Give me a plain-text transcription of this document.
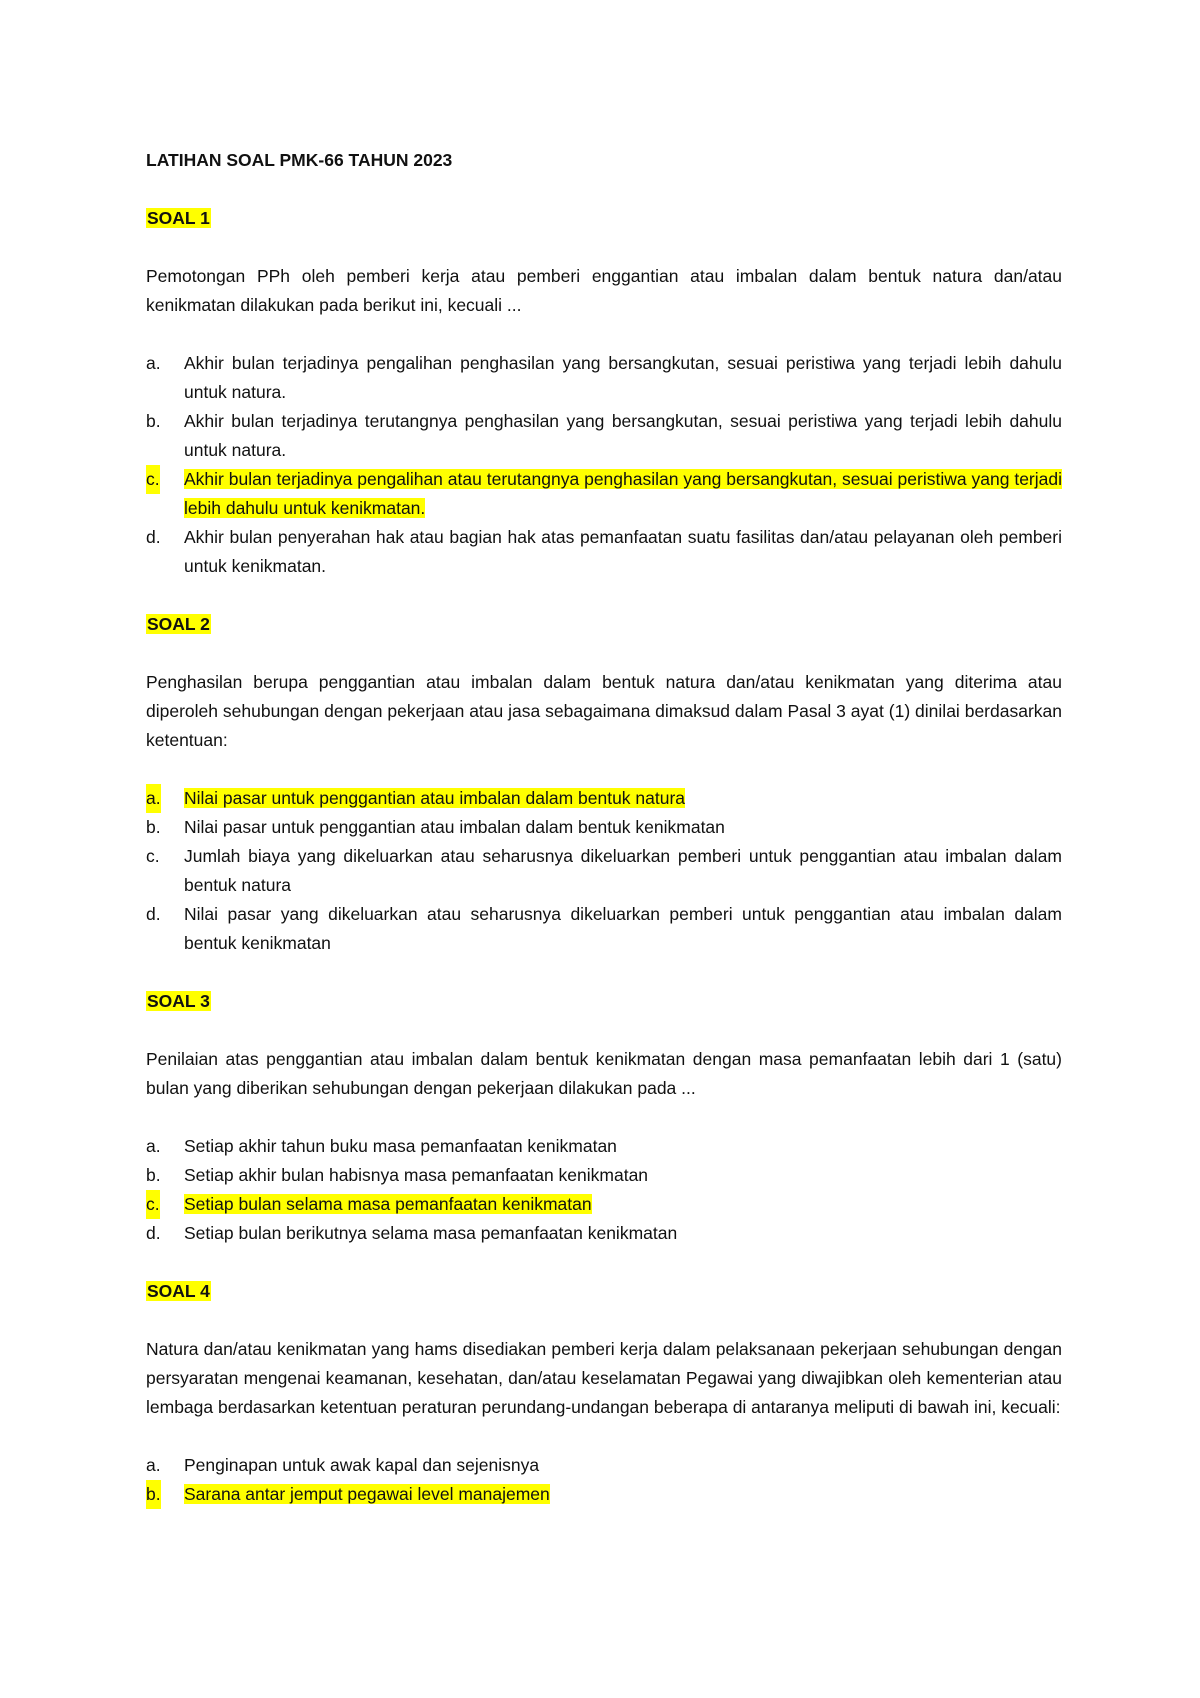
LATIHAN SOAL PMK-66 TAHUN 2023

SOAL 1

Pemotongan PPh oleh pemberi kerja atau pemberi enggantian atau imbalan dalam bentuk natura dan/atau kenikmatan dilakukan pada berikut ini, kecuali ...

a. Akhir bulan terjadinya pengalihan penghasilan yang bersangkutan, sesuai peristiwa yang terjadi lebih dahulu untuk natura.
b. Akhir bulan terjadinya terutangnya penghasilan yang bersangkutan, sesuai peristiwa yang terjadi lebih dahulu untuk natura.
c. Akhir bulan terjadinya pengalihan atau terutangnya penghasilan yang bersangkutan, sesuai peristiwa yang terjadi lebih dahulu untuk kenikmatan.
d. Akhir bulan penyerahan hak atau bagian hak atas pemanfaatan suatu fasilitas dan/atau pelayanan oleh pemberi untuk kenikmatan.

SOAL 2

Penghasilan berupa penggantian atau imbalan dalam bentuk natura dan/atau kenikmatan yang diterima atau diperoleh sehubungan dengan pekerjaan atau jasa sebagaimana dimaksud dalam Pasal 3 ayat (1) dinilai berdasarkan ketentuan:

a. Nilai pasar untuk penggantian atau imbalan dalam bentuk natura
b. Nilai pasar untuk penggantian atau imbalan dalam bentuk kenikmatan
c. Jumlah biaya yang dikeluarkan atau seharusnya dikeluarkan pemberi untuk penggantian atau imbalan dalam bentuk natura
d. Nilai pasar yang dikeluarkan atau seharusnya dikeluarkan pemberi untuk penggantian atau imbalan dalam bentuk kenikmatan

SOAL 3

Penilaian atas penggantian atau imbalan dalam bentuk kenikmatan dengan masa pemanfaatan lebih dari 1 (satu) bulan yang diberikan sehubungan dengan pekerjaan dilakukan pada ...

a. Setiap akhir tahun buku masa pemanfaatan kenikmatan
b. Setiap akhir bulan habisnya masa pemanfaatan kenikmatan
c. Setiap bulan selama masa pemanfaatan kenikmatan
d. Setiap bulan berikutnya selama masa pemanfaatan kenikmatan

SOAL 4

Natura dan/atau kenikmatan yang hams disediakan pemberi kerja dalam pelaksanaan pekerjaan sehubungan dengan persyaratan mengenai keamanan, kesehatan, dan/atau keselamatan Pegawai yang diwajibkan oleh kementerian atau lembaga berdasarkan ketentuan peraturan perundang-undangan beberapa di antaranya meliputi di bawah ini, kecuali:

a. Penginapan untuk awak kapal dan sejenisnya
b. Sarana antar jemput pegawai level manajemen
